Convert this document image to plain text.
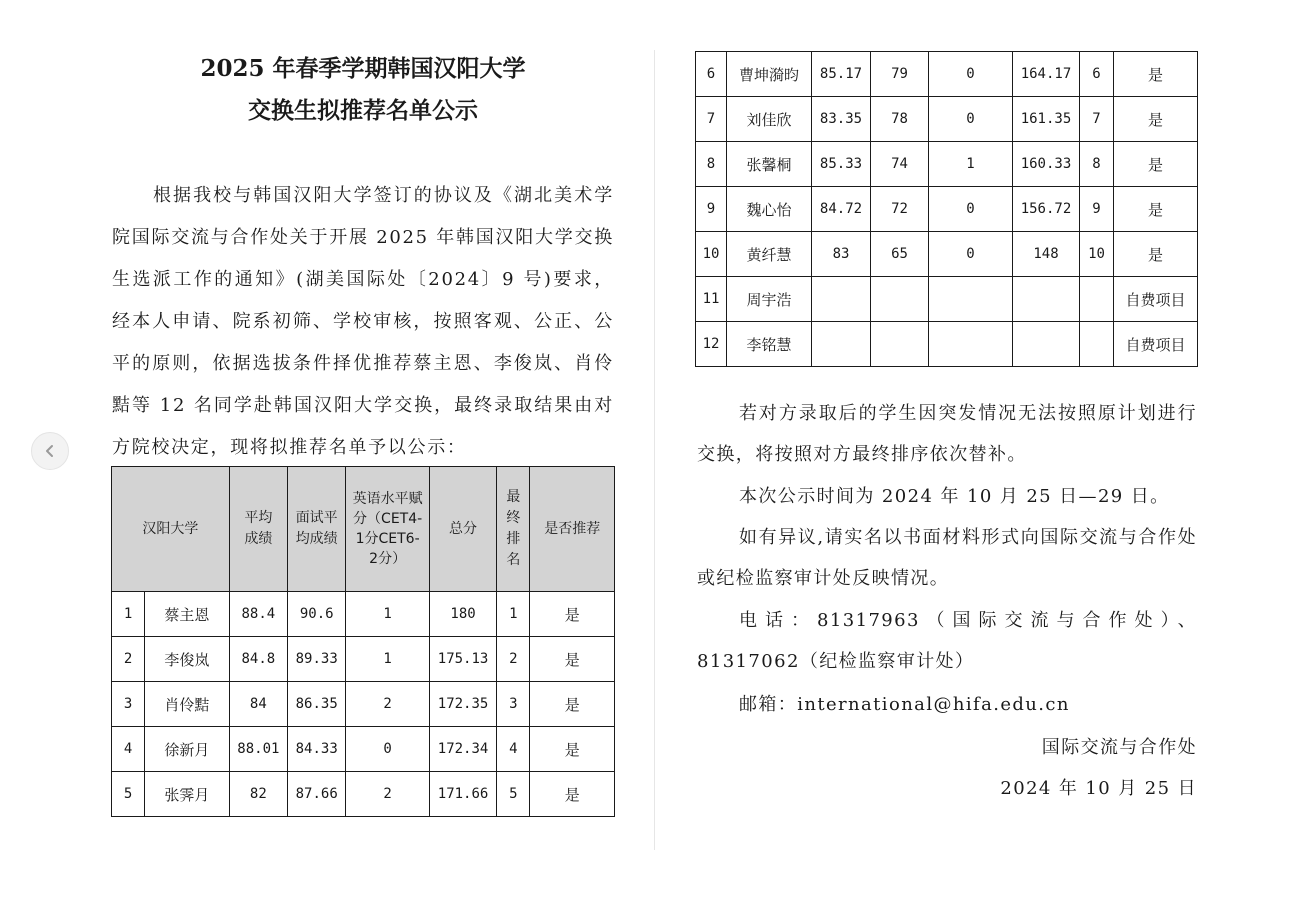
2025 年春季学期韩国汉阳大学
交换生拟推荐名单公示

根据我校与韩国汉阳大学签订的协议及《湖北美术学院国际交流与合作处关于开展 2025 年韩国汉阳大学交换生选派工作的通知》(湖美国际处〔2024〕9 号)要求，经本人申请、院系初筛、学校审核，按照客观、公正、公平的原则，依据选拔条件择优推荐蔡主恩、李俊岚、肖伶黠等 12 名同学赴韩国汉阳大学交换，最终录取结果由对方院校决定，现将拟推荐名单予以公示：

汉阳大学		平均成绩	面试平均成绩	英语水平赋分（CET4-1分CET6-2分）	总分	最终排名	是否推荐
1	蔡主恩	88.4	90.6	1	180	1	是
2	李俊岚	84.8	89.33	1	175.13	2	是
3	肖伶黠	84	86.35	2	172.35	3	是
4	徐新月	88.01	84.33	0	172.34	4	是
5	张霁月	82	87.66	2	171.66	5	是
6	曹坤漪昀	85.17	79	0	164.17	6	是
7	刘佳欣	83.35	78	0	161.35	7	是
8	张馨桐	85.33	74	1	160.33	8	是
9	魏心怡	84.72	72	0	156.72	9	是
10	黄纤慧	83	65	0	148	10	是
11	周宇浩						自费项目
12	李铭慧						自费项目

若对方录取后的学生因突发情况无法按照原计划进行交换，将按照对方最终排序依次替补。

本次公示时间为 2024 年 10 月 25 日—29 日。

如有异议,请实名以书面材料形式向国际交流与合作处或纪检监察审计处反映情况。

电话：81317963（国际交流与合作处）、81317062（纪检监察审计处）

邮箱：international@hifa.edu.cn

国际交流与合作处
2024 年 10 月 25 日
